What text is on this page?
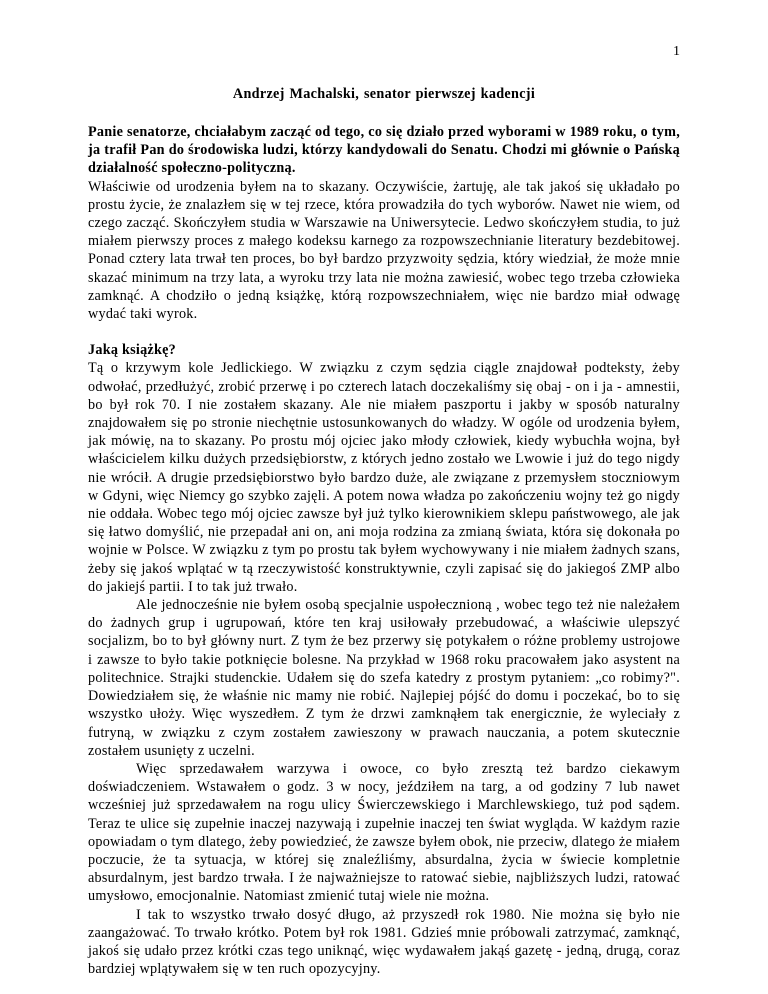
1
Andrzej Machalski, senator pierwszej kadencji
Panie senatorze, chciałabym zacząć od tego, co się działo przed wyborami w 1989 roku, o tym, ja trafił Pan do środowiska ludzi, którzy kandydowali do Senatu. Chodzi mi głównie o Pańską działalność społeczno-polityczną.

Właściwie od urodzenia byłem na to skazany. Oczywiście, żartuję, ale tak jakoś się układało po prostu życie, że znalazłem się w tej rzece, która prowadziła do tych wyborów. Nawet nie wiem, od czego zacząć. Skończyłem studia w Warszawie na Uniwersytecie. Ledwo skończyłem studia, to już miałem pierwszy proces z małego kodeksu karnego za rozpowszechnianie literatury bezdebitowej. Ponad cztery lata trwał ten proces, bo był bardzo przyzwoity sędzia, który wiedział, że może mnie skazać minimum na trzy lata, a wyroku trzy lata nie można zawiesić, wobec tego trzeba człowieka zamknąć. A chodziło o jedną książkę, którą rozpowszechniałem, więc nie bardzo miał odwagę wydać taki wyrok.

Jaką książkę?

Tą o krzywym kole Jedlickiego. W związku z czym sędzia ciągle znajdował podteksty, żeby odwołać, przedłużyć, zrobić przerwę i po czterech latach doczekaliśmy się obaj - on i ja - amnestii, bo był rok 70. I nie zostałem skazany. Ale nie miałem paszportu i jakby w sposób naturalny znajdowałem się po stronie niechętnie ustosunkowanych do władzy. W ogóle od urodzenia byłem, jak mówię, na to skazany. Po prostu mój ojciec jako młody człowiek, kiedy wybuchła wojna, był właścicielem kilku dużych przedsiębiorstw, z których jedno zostało we Lwowie i już do tego nigdy nie wrócił. A drugie przedsiębiorstwo było bardzo duże, ale związane z przemysłem stoczniowym w Gdyni, więc Niemcy go szybko zajęli. A potem nowa władza po zakończeniu wojny też go nigdy nie oddała. Wobec tego mój ojciec zawsze był już tylko kierownikiem sklepu państwowego, ale jak się łatwo domyślić, nie przepadał ani on, ani moja rodzina za zmianą świata, która się dokonała po wojnie w Polsce. W związku z tym po prostu tak byłem wychowywany i nie miałem żadnych szans, żeby się jakoś wplątać w tą rzeczywistość konstruktywnie, czyli zapisać się do jakiegoś ZMP albo do jakiejś partii. I to tak już trwało.

Ale jednocześnie nie byłem osobą specjalnie uspołecznioną , wobec tego też nie należałem do żadnych grup i ugrupowań, które ten kraj usiłowały przebudować, a właściwie ulepszyć socjalizm, bo to był główny nurt. Z tym że bez przerwy się potykałem o różne problemy ustrojowe i zawsze to było takie potknięcie bolesne. Na przykład w 1968 roku pracowałem jako asystent na politechnice. Strajki studenckie. Udałem się do szefa katedry z prostym pytaniem: „co robimy?". Dowiedziałem się, że właśnie nic mamy nie robić. Najlepiej pójść do domu i poczekać, bo to się wszystko ułoży. Więc wyszedłem. Z tym że drzwi zamknąłem tak energicznie, że wyleciały z futryną, w związku z czym zostałem zawieszony w prawach nauczania, a potem skutecznie zostałem usunięty z uczelni.

Więc sprzedawałem warzywa i owoce, co było zresztą też bardzo ciekawym doświadczeniem. Wstawałem o godz. 3 w nocy, jeździłem na targ, a od godziny 7 lub nawet wcześniej już sprzedawałem na rogu ulicy Świerczewskiego i Marchlewskiego, tuż pod sądem. Teraz te ulice się zupełnie inaczej nazywają i zupełnie inaczej ten świat wygląda. W każdym razie opowiadam o tym dlatego, żeby powiedzieć, że zawsze byłem obok, nie przeciw, dlatego że miałem poczucie, że ta sytuacja, w której się znaleźliśmy, absurdalna, życia w świecie kompletnie absurdalnym, jest bardzo trwała. I że najważniejsze to ratować siebie, najbliższych ludzi, ratować umysłowo, emocjonalnie. Natomiast zmienić tutaj wiele nie można.

I tak to wszystko trwało dosyć długo, aż przyszedł rok 1980. Nie można się było nie zaangażować. To trwało krótko. Potem był rok 1981. Gdzieś mnie próbowali zatrzymać, zamknąć, jakoś się udało przez krótki czas tego uniknąć, więc wydawałem jakąś gazetę - jedną, drugą, coraz bardziej wplątywałem się w ten ruch opozycyjny.
